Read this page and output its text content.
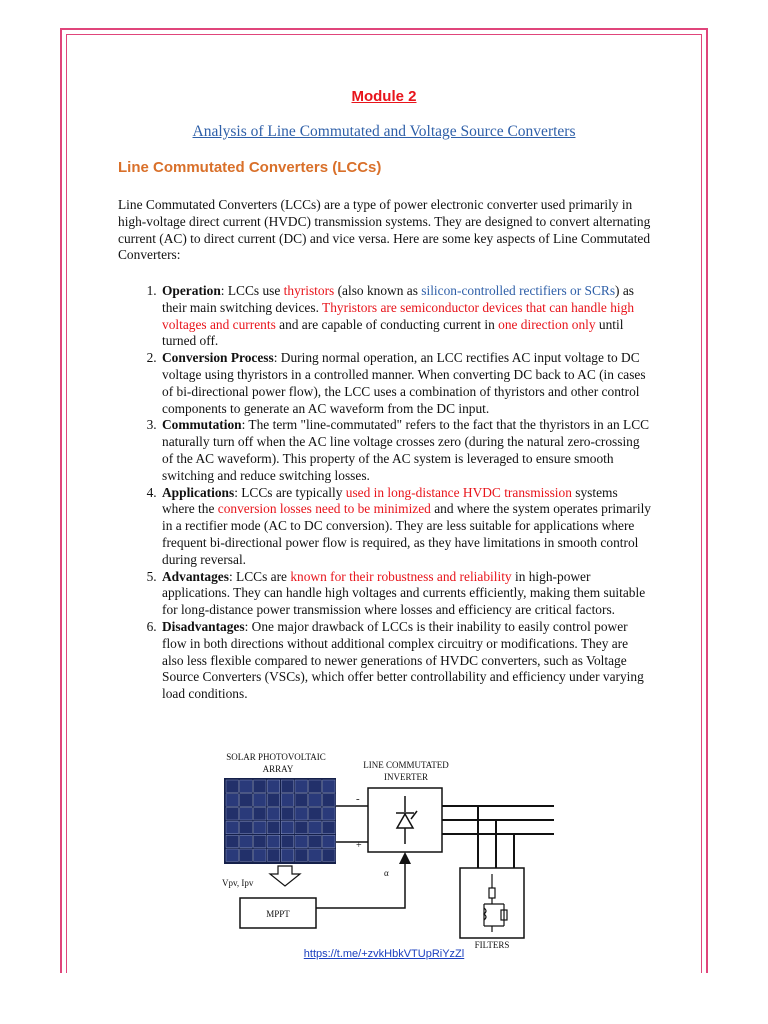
Module 2
Analysis of Line Commutated and Voltage Source Converters
Line Commutated Converters (LCCs)

Line Commutated Converters (LCCs) are a type of power electronic converter used primarily in high-voltage direct current (HVDC) transmission systems. They are designed to convert alternating current (AC) to direct current (DC) and vice versa. Here are some key aspects of Line Commutated Converters:

1. Operation: LCCs use thyristors (also known as silicon-controlled rectifiers or SCRs) as their main switching devices. Thyristors are semiconductor devices that can handle high voltages and currents and are capable of conducting current in one direction only until turned off.
2. Conversion Process: During normal operation, an LCC rectifies AC input voltage to DC voltage using thyristors in a controlled manner. When converting DC back to AC (in cases of bi-directional power flow), the LCC uses a combination of thyristors and other control components to generate an AC waveform from the DC input.
3. Commutation: The term "line-commutated" refers to the fact that the thyristors in an LCC naturally turn off when the AC line voltage crosses zero (during the natural zero-crossing of the AC waveform). This property of the AC system is leveraged to ensure smooth switching and reduce switching losses.
4. Applications: LCCs are typically used in long-distance HVDC transmission systems where the conversion losses need to be minimized and where the system operates primarily in a rectifier mode (AC to DC conversion). They are less suitable for applications where frequent bi-directional power flow is required, as they have limitations in smooth control during reversal.
5. Advantages: LCCs are known for their robustness and reliability in high-power applications. They can handle high voltages and currents efficiently, making them suitable for long-distance power transmission where losses and efficiency are critical factors.
6. Disadvantages: One major drawback of LCCs is their inability to easily control power flow in both directions without additional complex circuitry or modifications. They are also less flexible compared to newer generations of HVDC converters, such as Voltage Source Converters (VSCs), which offer better controllability and efficiency under varying load conditions.
SOLAR PHOTOVOLTAIC
ARRAY	LINE COMMUTATED
INVERTER
-
+
FILTERS
Vpv, Ipv
MPPT
α
https://t.me/+zvkHbkVTUpRiYzZl
